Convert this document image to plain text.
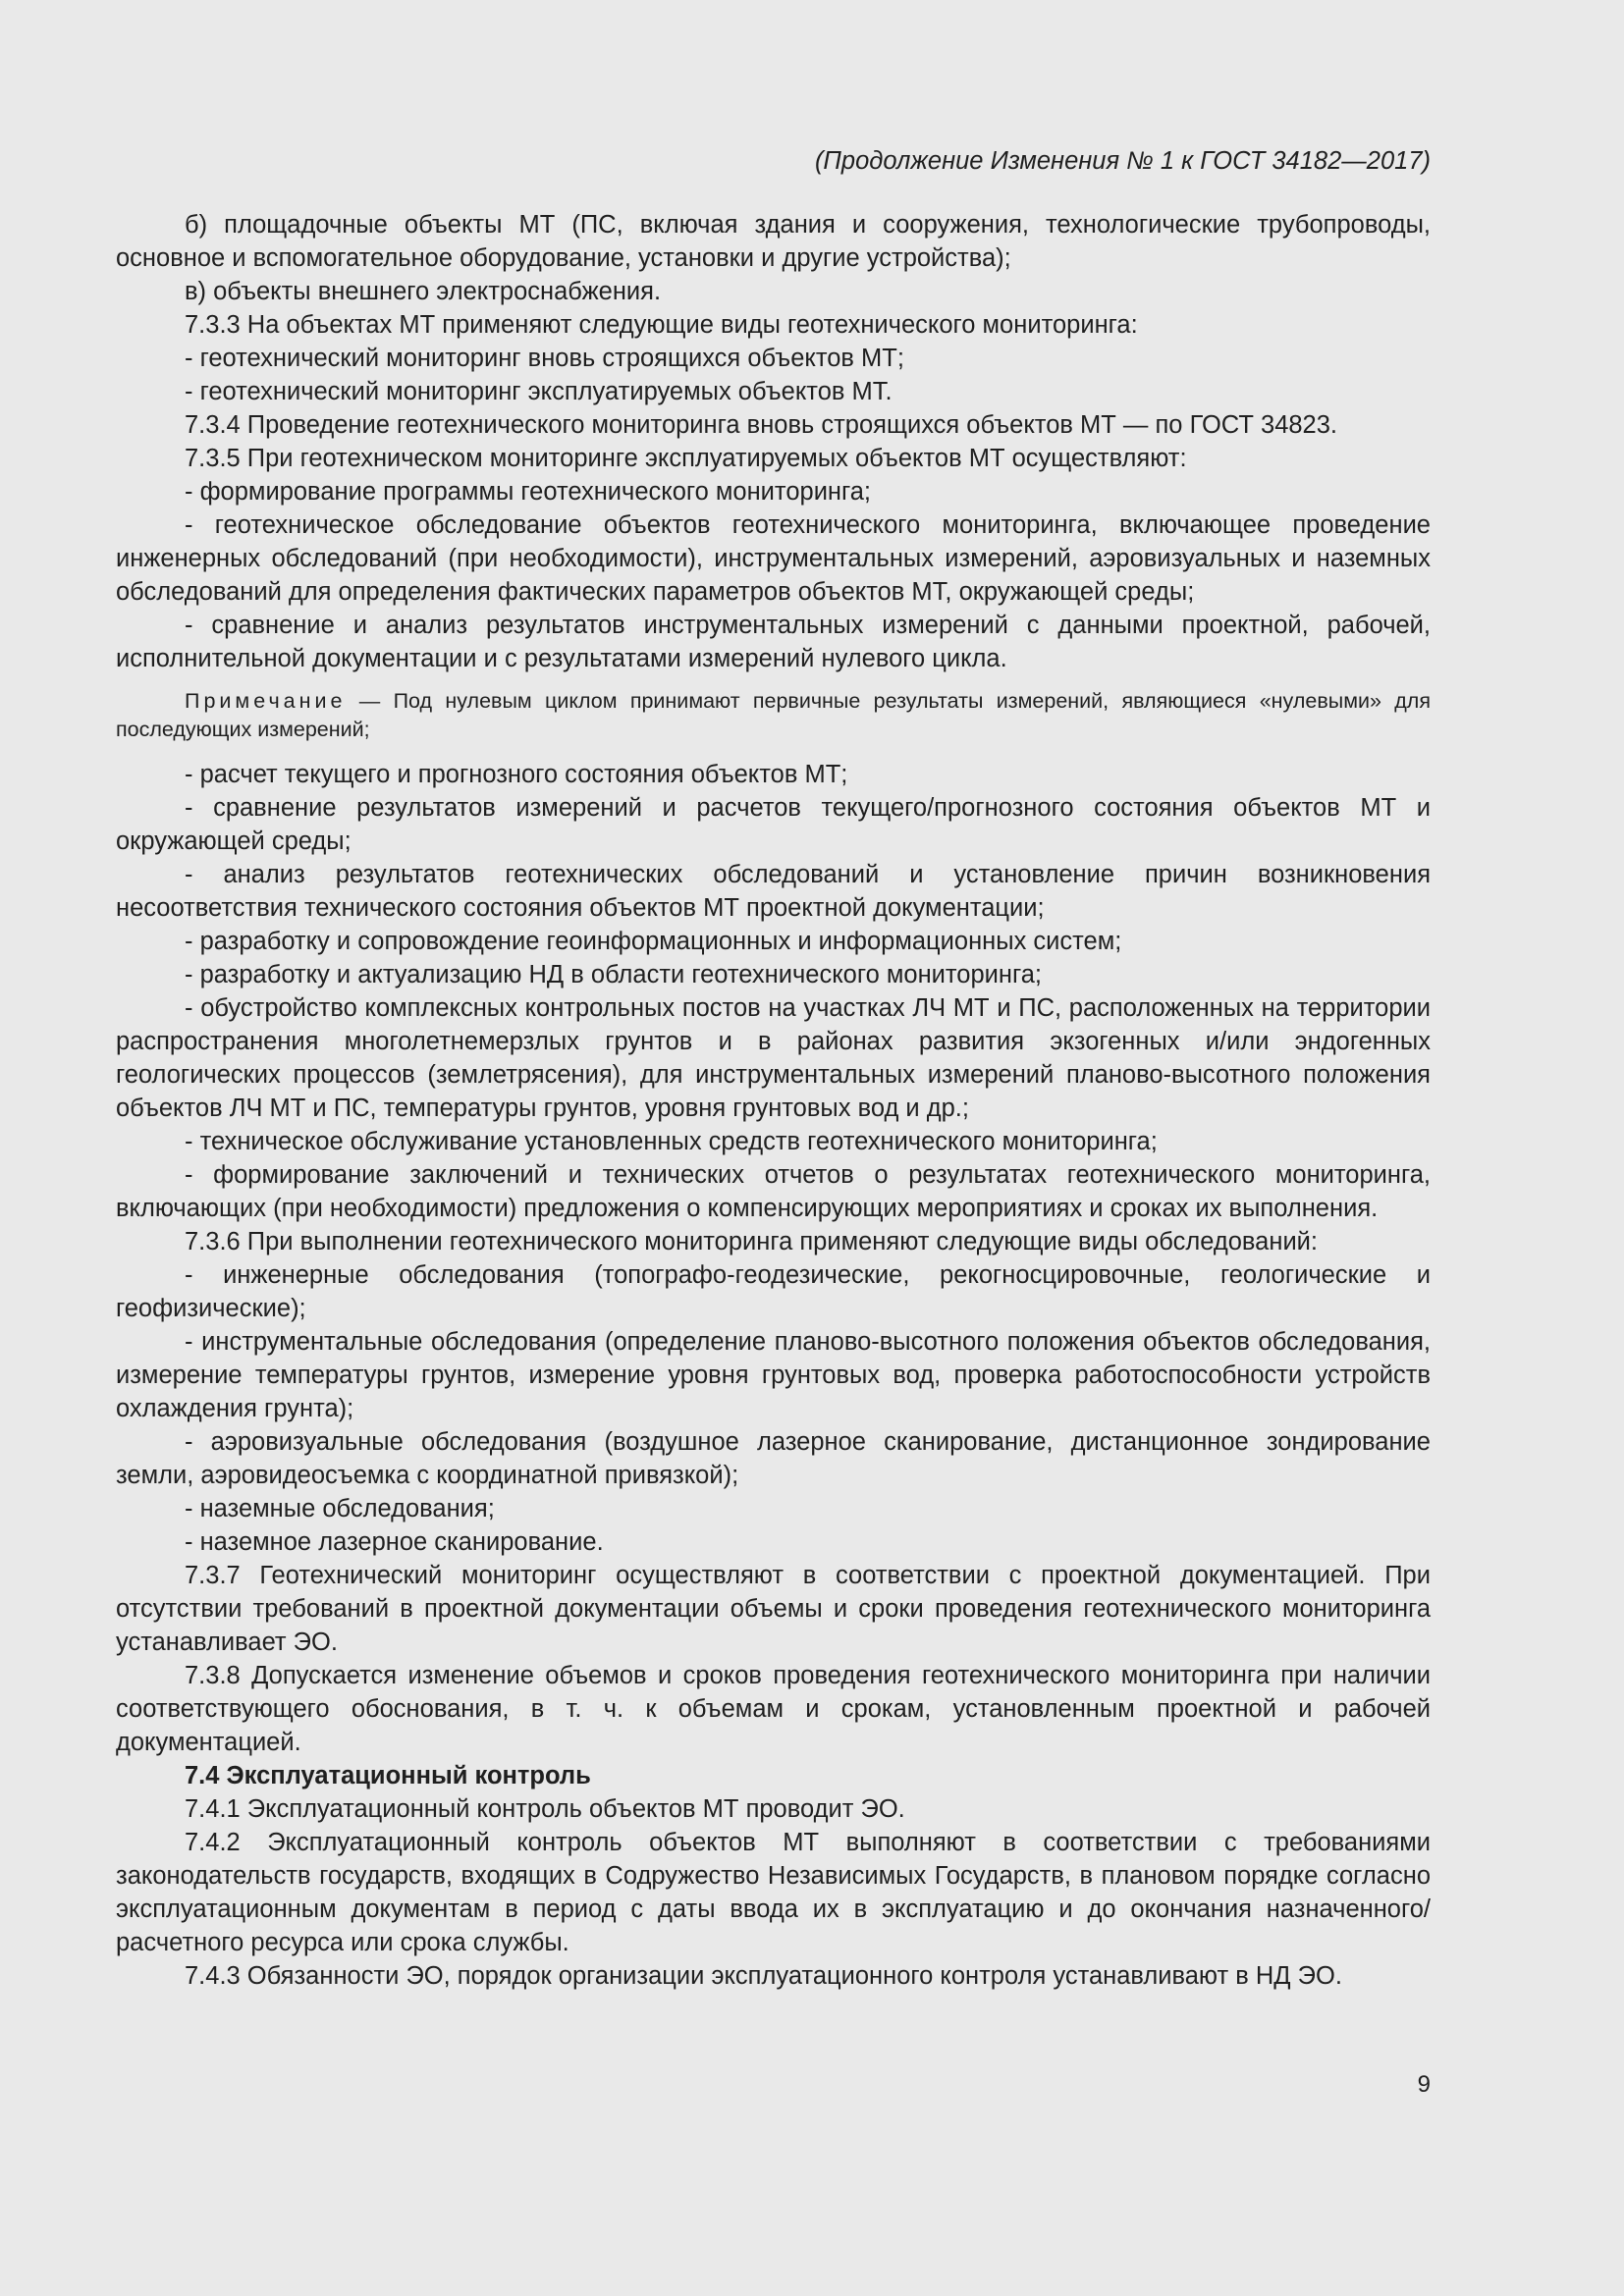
(Продолжение Изменения № 1 к ГОСТ 34182—2017)

б) площадочные объекты МТ (ПС, включая здания и сооружения, технологические трубопроводы, основное и вспомогательное оборудование, установки и другие устройства);

в) объекты внешнего электроснабжения.

7.3.3 На объектах МТ применяют следующие виды геотехнического мониторинга:

- геотехнический мониторинг вновь строящихся объектов МТ;

- геотехнический мониторинг эксплуатируемых объектов МТ.

7.3.4 Проведение геотехнического мониторинга вновь строящихся объектов МТ — по ГОСТ 34823.

7.3.5 При геотехническом мониторинге эксплуатируемых объектов МТ осуществляют:

- формирование программы геотехнического мониторинга;

- геотехническое обследование объектов геотехнического мониторинга, включающее проведение инженерных обследований (при необходимости), инструментальных измерений, аэровизуальных и наземных обследований для определения фактических параметров объектов МТ, окружающей среды;

- сравнение и анализ результатов инструментальных измерений с данными проектной, рабочей, исполнительной документации и с результатами измерений нулевого цикла.

Примечание — Под нулевым циклом принимают первичные результаты измерений, являющиеся «нулевыми» для последующих измерений;

- расчет текущего и прогнозного состояния объектов МТ;

- сравнение результатов измерений и расчетов текущего/прогнозного состояния объектов МТ и окружающей среды;

- анализ результатов геотехнических обследований и установление причин возникновения несоответствия технического состояния объектов МТ проектной документации;

- разработку и сопровождение геоинформационных и информационных систем;

- разработку и актуализацию НД в области геотехнического мониторинга;

- обустройство комплексных контрольных постов на участках ЛЧ МТ и ПС, расположенных на территории распространения многолетнемерзлых грунтов и в районах развития экзогенных и/или эндогенных геологических процессов (землетрясения), для инструментальных измерений планово-высотного положения объектов ЛЧ МТ и ПС, температуры грунтов, уровня грунтовых вод и др.;

- техническое обслуживание установленных средств геотехнического мониторинга;

- формирование заключений и технических отчетов о результатах геотехнического мониторинга, включающих (при необходимости) предложения о компенсирующих мероприятиях и сроках их выполнения.

7.3.6 При выполнении геотехнического мониторинга применяют следующие виды обследований:

- инженерные обследования (топографо-геодезические, рекогносцировочные, геологические и геофизические);

- инструментальные обследования (определение планово-высотного положения объектов обследования, измерение температуры грунтов, измерение уровня грунтовых вод, проверка работоспособности устройств охлаждения грунта);

- аэровизуальные обследования (воздушное лазерное сканирование, дистанционное зондирование земли, аэровидеосъемка с координатной привязкой);

- наземные обследования;

- наземное лазерное сканирование.

7.3.7 Геотехнический мониторинг осуществляют в соответствии с проектной документацией. При отсутствии требований в проектной документации объемы и сроки проведения геотехнического мониторинга устанавливает ЭО.

7.3.8 Допускается изменение объемов и сроков проведения геотехнического мониторинга при наличии соответствующего обоснования, в т. ч. к объемам и срокам, установленным проектной и рабочей документацией.

7.4 Эксплуатационный контроль

7.4.1 Эксплуатационный контроль объектов МТ проводит ЭО.

7.4.2 Эксплуатационный контроль объектов МТ выполняют в соответствии с требованиями законодательств государств, входящих в Содружество Независимых Государств, в плановом порядке согласно эксплуатационным документам в период с даты ввода их в эксплуатацию и до окончания назначенного/расчетного ресурса или срока службы.

7.4.3 Обязанности ЭО, порядок организации эксплуатационного контроля устанавливают в НД ЭО.

9
